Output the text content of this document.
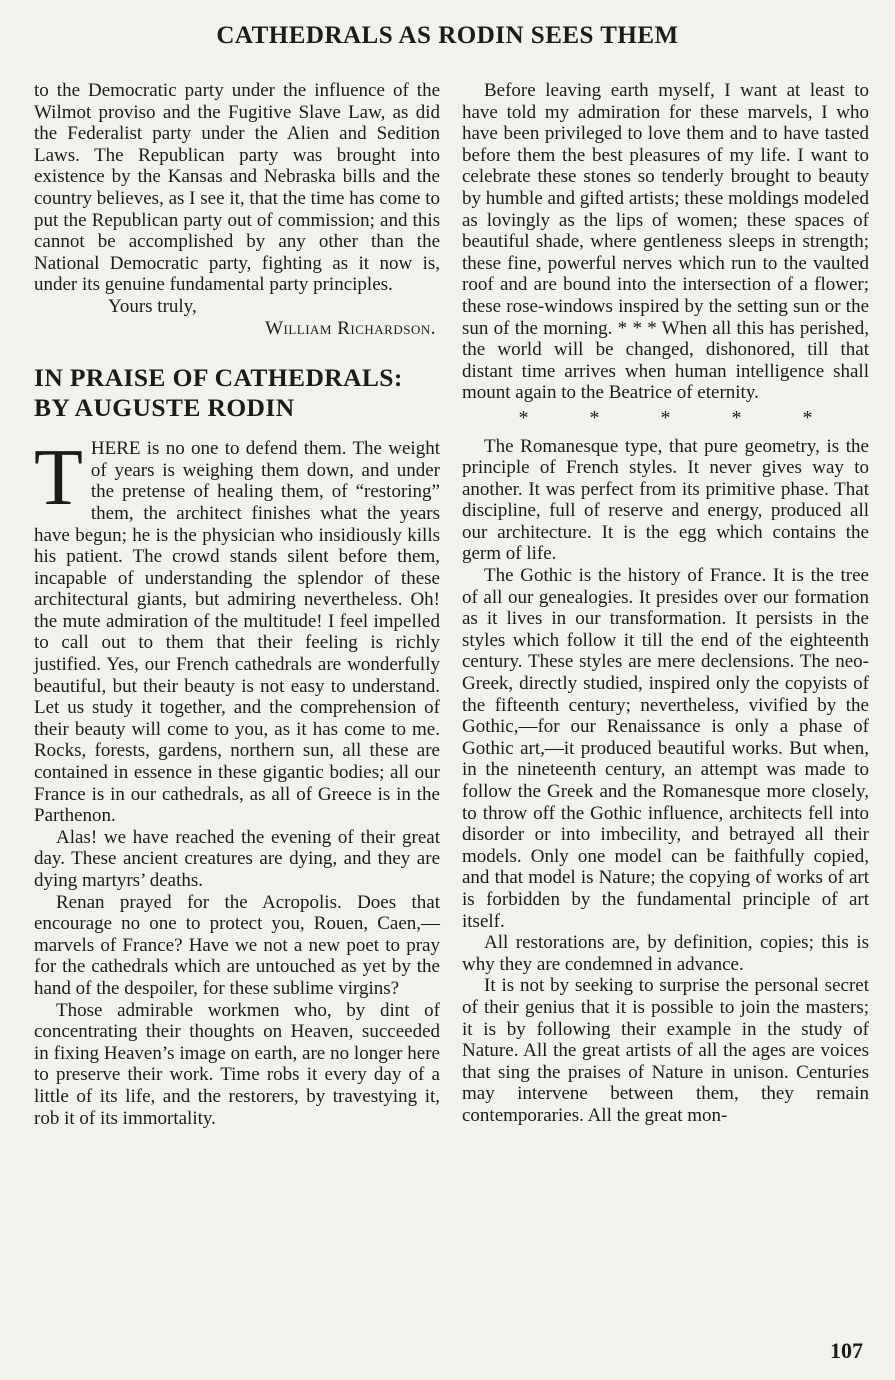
CATHEDRALS AS RODIN SEES THEM

to the Democratic party under the influence of the Wilmot proviso and the Fugitive Slave Law, as did the Federalist party under the Alien and Sedition Laws. The Republican party was brought into existence by the Kansas and Nebraska bills and the country believes, as I see it, that the time has come to put the Republican party out of commission; and this cannot be accomplished by any other than the National Democratic party, fighting as it now is, under its genuine fundamental party principles.

Yours truly,

William Richardson.
IN PRAISE OF CATHEDRALS:
BY AUGUSTE RODIN

THERE is no one to defend them. The weight of years is weighing them down, and under the pretense of healing them, of “restoring” them, the architect finishes what the years have begun; he is the physician who insidiously kills his patient. The crowd stands silent before them, incapable of understanding the splendor of these architectural giants, but admiring nevertheless. Oh! the mute admiration of the multitude! I feel impelled to call out to them that their feeling is richly justified. Yes, our French cathedrals are wonderfully beautiful, but their beauty is not easy to understand. Let us study it together, and the comprehension of their beauty will come to you, as it has come to me. Rocks, forests, gardens, northern sun, all these are contained in essence in these gigantic bodies; all our France is in our cathedrals, as all of Greece is in the Parthenon.

Alas! we have reached the evening of their great day. These ancient creatures are dying, and they are dying martyrs’ deaths.

Renan prayed for the Acropolis. Does that encourage no one to protect you, Rouen, Caen,—marvels of France? Have we not a new poet to pray for the cathedrals which are untouched as yet by the hand of the despoiler, for these sublime virgins?

Those admirable workmen who, by dint of concentrating their thoughts on Heaven, succeeded in fixing Heaven’s image on earth, are no longer here to preserve their work. Time robs it every day of a little of its life, and the restorers, by travestying it, rob it of its immortality.

Before leaving earth myself, I want at least to have told my admiration for these marvels, I who have been privileged to love them and to have tasted before them the best pleasures of my life. I want to celebrate these stones so tenderly brought to beauty by humble and gifted artists; these moldings modeled as lovingly as the lips of women; these spaces of beautiful shade, where gentleness sleeps in strength; these fine, powerful nerves which run to the vaulted roof and are bound into the intersection of a flower; these rose-windows inspired by the setting sun or the sun of the morning. * * * When all this has perished, the world will be changed, dishonored, till that distant time arrives when human intelligence shall mount again to the Beatrice of eternity.

* * * * *

The Romanesque type, that pure geometry, is the principle of French styles. It never gives way to another. It was perfect from its primitive phase. That discipline, full of reserve and energy, produced all our architecture. It is the egg which contains the germ of life.

The Gothic is the history of France. It is the tree of all our genealogies. It presides over our formation as it lives in our transformation. It persists in the styles which follow it till the end of the eighteenth century. These styles are mere declensions. The neo-Greek, directly studied, inspired only the copyists of the fifteenth century; nevertheless, vivified by the Gothic,—for our Renaissance is only a phase of Gothic art,—it produced beautiful works. But when, in the nineteenth century, an attempt was made to follow the Greek and the Romanesque more closely, to throw off the Gothic influence, architects fell into disorder or into imbecility, and betrayed all their models. Only one model can be faithfully copied, and that model is Nature; the copying of works of art is forbidden by the fundamental principle of art itself.

All restorations are, by definition, copies; this is why they are condemned in advance.

It is not by seeking to surprise the personal secret of their genius that it is possible to join the masters; it is by following their example in the study of Nature. All the great artists of all the ages are voices that sing the praises of Nature in unison. Centuries may intervene between them, they remain contemporaries. All the great mon-

107
